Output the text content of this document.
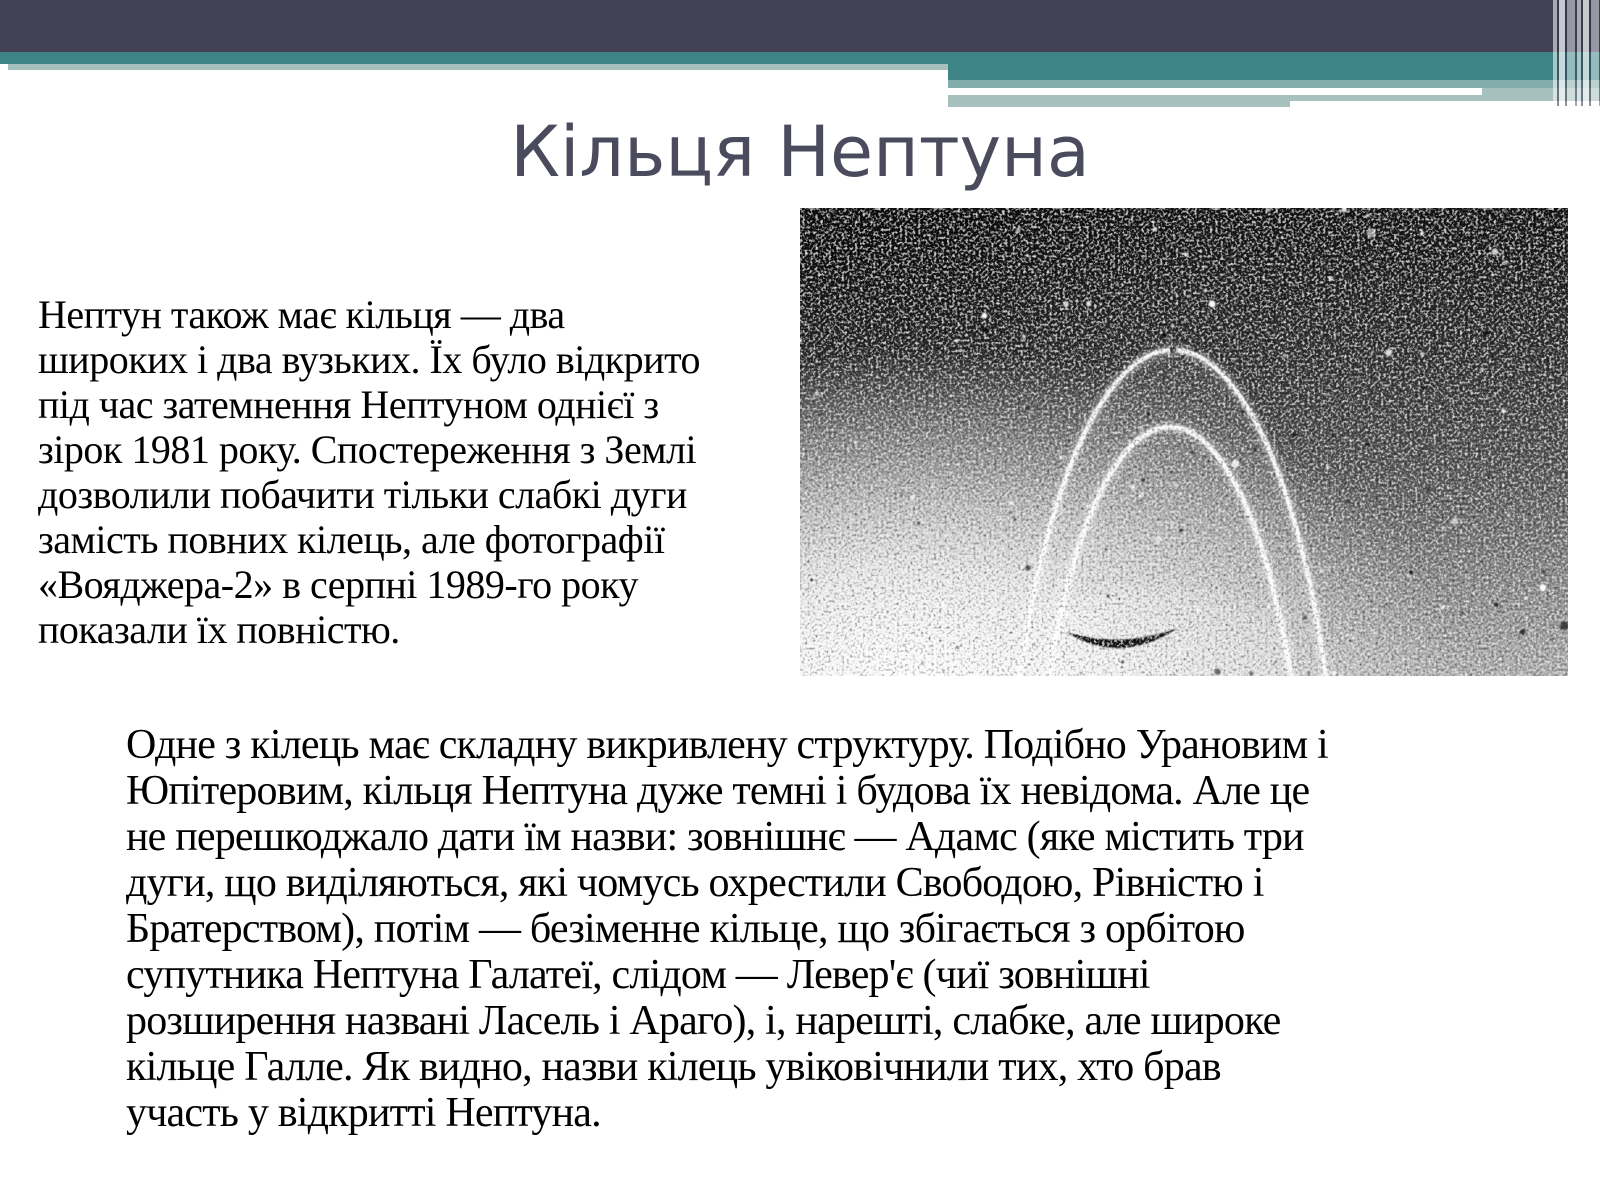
Кільця Нептуна
Нептун також має кільця — два
широких і два вузьких. Їх було відкрито
під час затемнення Нептуном однієї з
зірок 1981 року. Спостереження з Землі
дозволили побачити тільки слабкі дуги
замість повних кілець, але фотографії
«Вояджера-2» в серпні 1989-го року
показали їх повністю.
Одне з кілець має складну викривлену структуру. Подібно Урановим і
Юпітеровим, кільця Нептуна дуже темні і будова їх невідома. Але це
не перешкоджало дати їм назви: зовнішнє — Адамс (яке містить три
дуги, що виділяються, які чомусь охрестили Свободою, Рівністю і
Братерством), потім — безіменне кільце, що збігається з орбітою
супутника Нептуна Галатеї, слідом — Левер'є (чиї зовнішні
розширення названі Ласель і Араго), і, нарешті, слабке, але широке
кільце Галле. Як видно, назви кілець увіковічнили тих, хто брав
участь у відкритті Нептуна.
